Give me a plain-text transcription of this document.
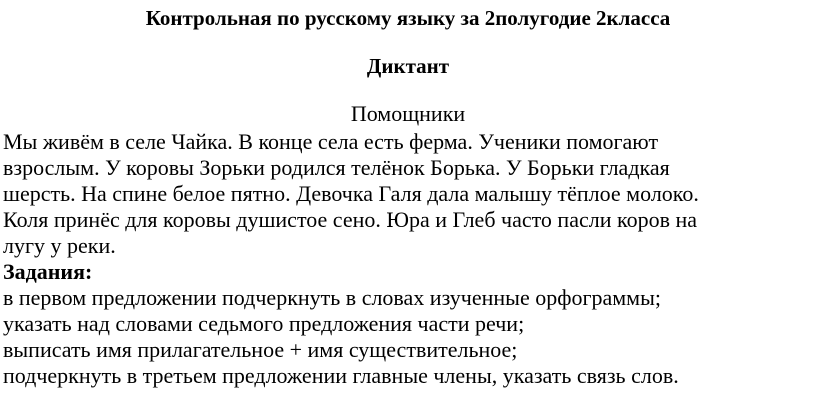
Контрольная по русскому языку за 2полугодие 2класса
Диктант
Помощники
Мы живём в селе Чайка. В конце села есть ферма. Ученики помогают
взрослым. У коровы Зорьки родился телёнок Борька. У Борьки гладкая
шерсть. На спине белое пятно. Девочка Галя дала малышу тёплое молоко.
Коля принёс для коровы душистое сено. Юра и Глеб часто пасли коров на
лугу у реки.
Задания:
в первом предложении подчеркнуть в словах изученные орфограммы;
указать над словами седьмого предложения части речи;
выписать имя прилагательное + имя существительное;
подчеркнуть в третьем предложении главные члены, указать связь слов.
